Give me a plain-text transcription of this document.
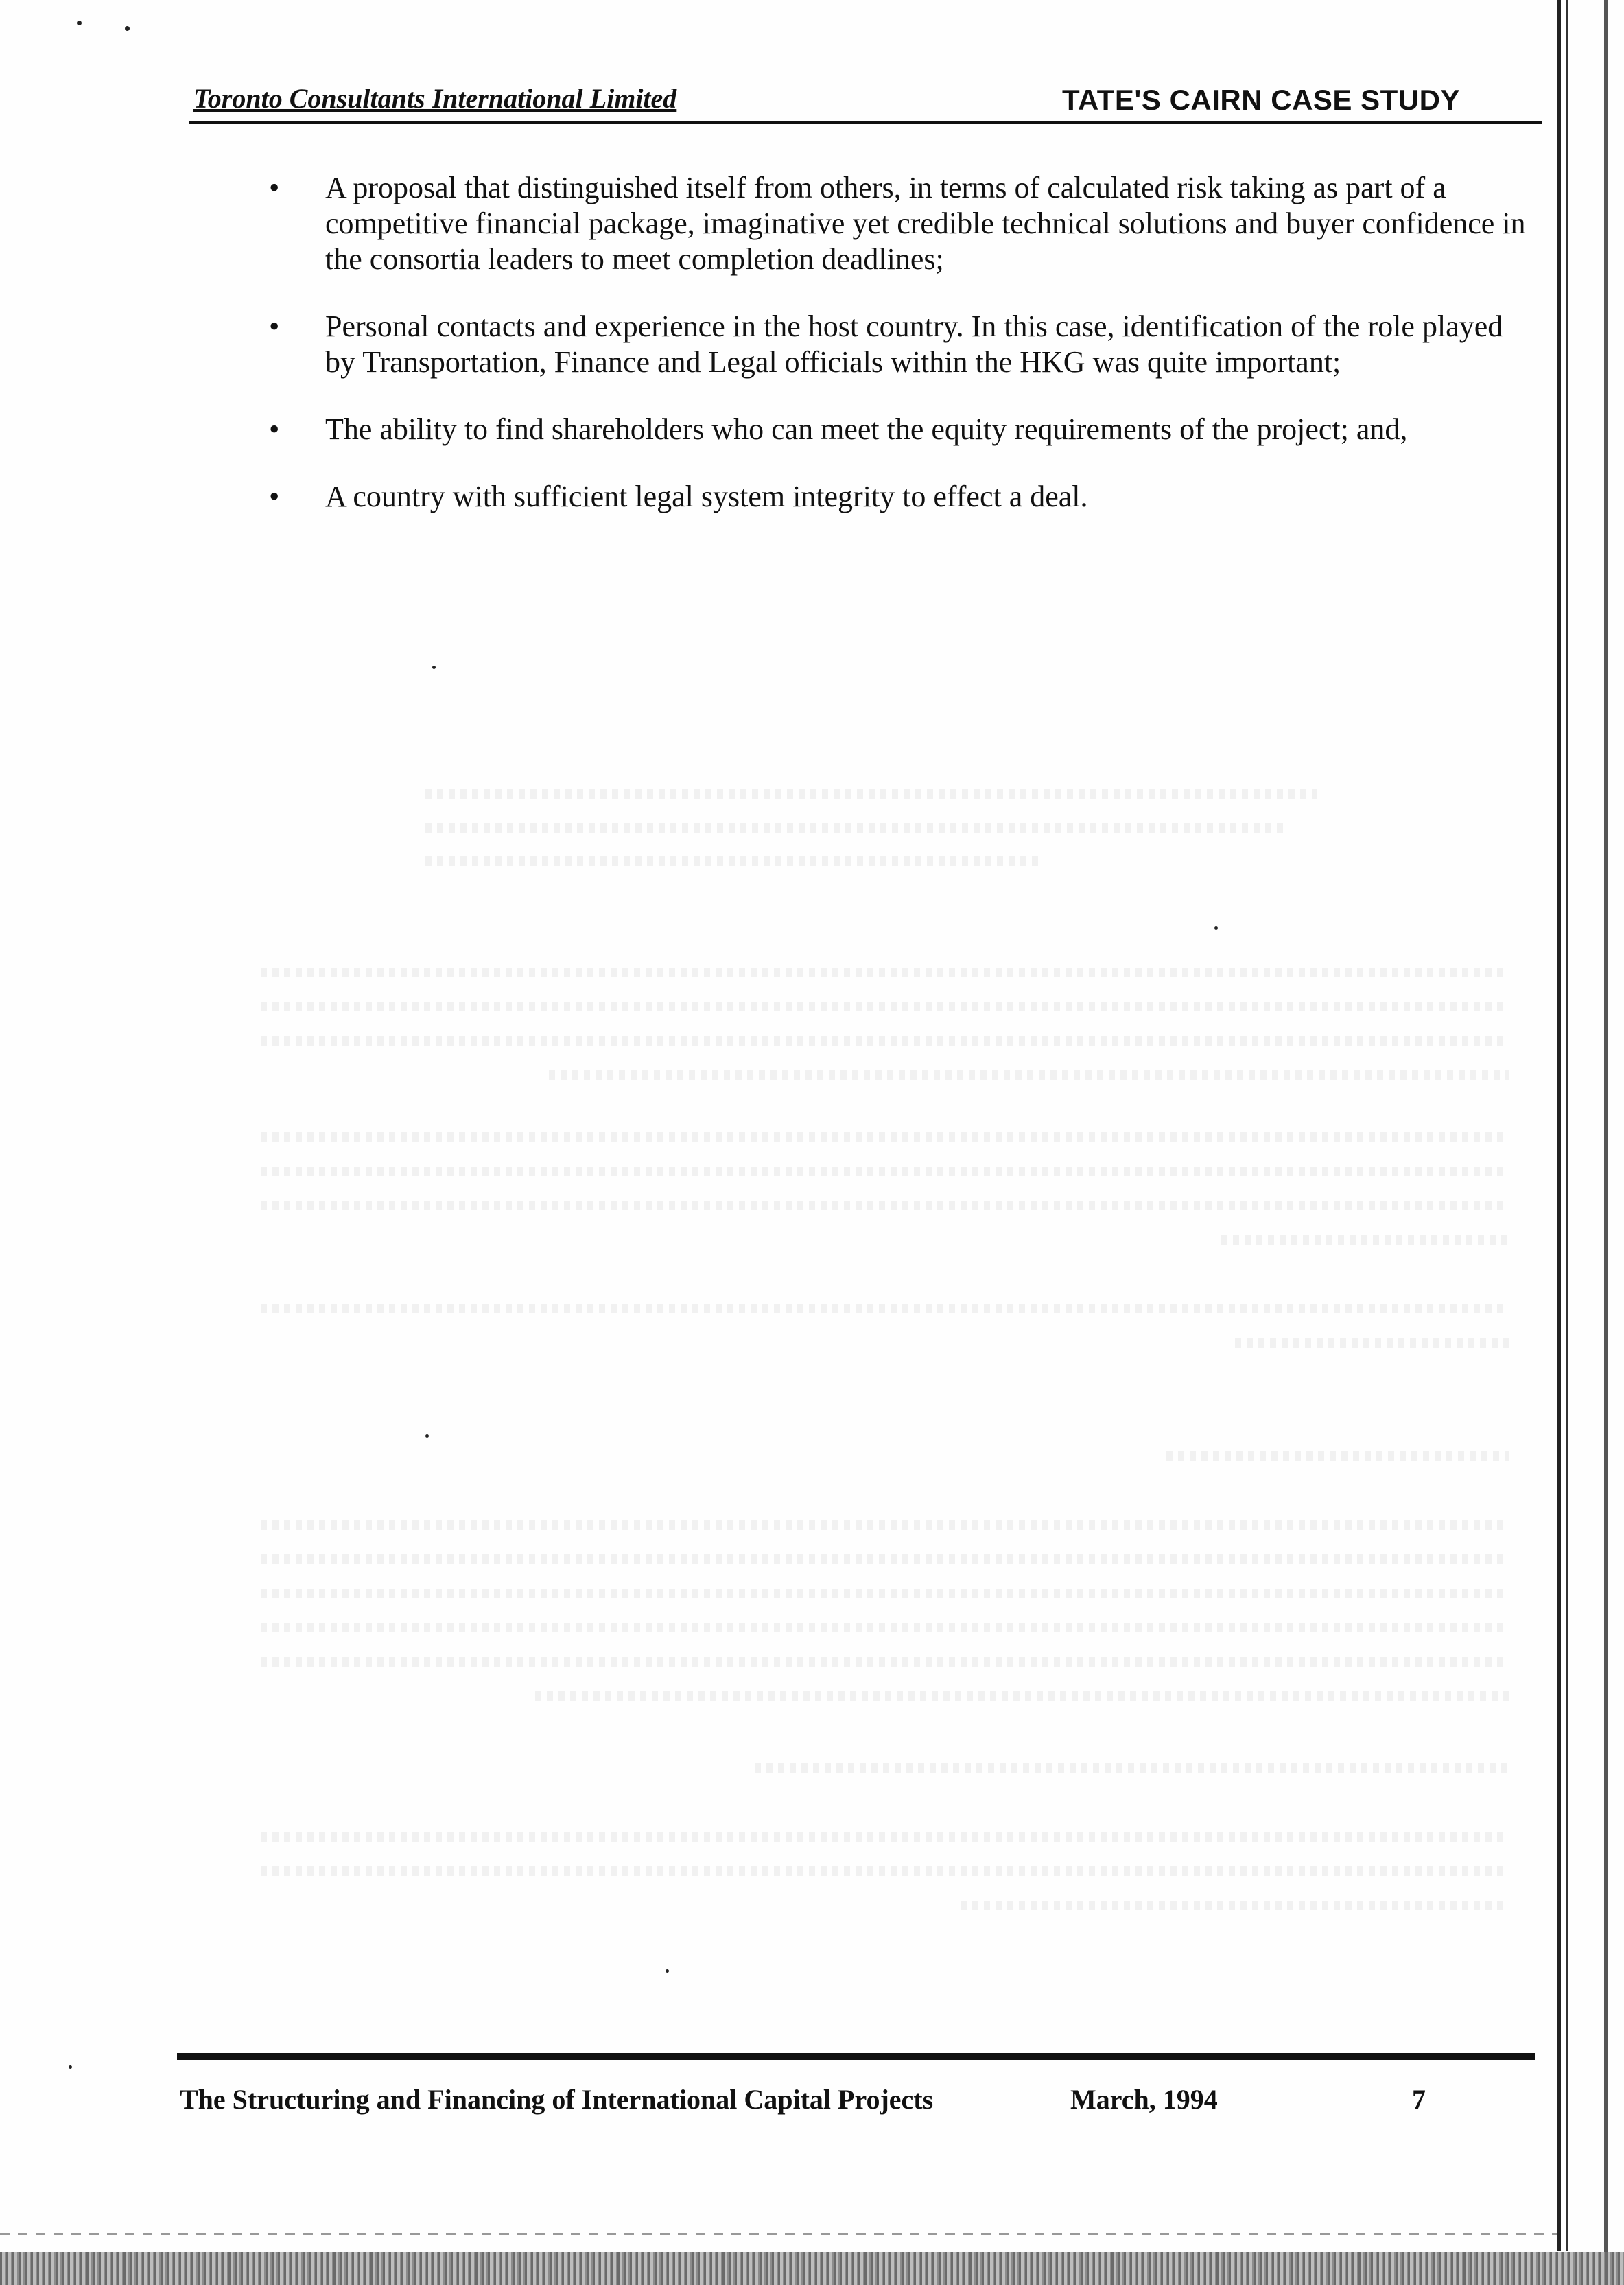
Toronto Consultants International Limited	TATE'S CAIRN CASE STUDY
• A proposal that distinguished itself from others, in terms of calculated risk taking as part of a competitive financial package, imaginative yet credible technical solutions and buyer confidence in the consortia leaders to meet completion deadlines;
• Personal contacts and experience in the host country. In this case, identification of the role played by Transportation, Finance and Legal officials within the HKG was quite important;
• The ability to find shareholders who can meet the equity requirements of the project; and,
• A country with sufficient legal system integrity to effect a deal.
The Structuring and Financing of International Capital Projects	March, 1994	7
